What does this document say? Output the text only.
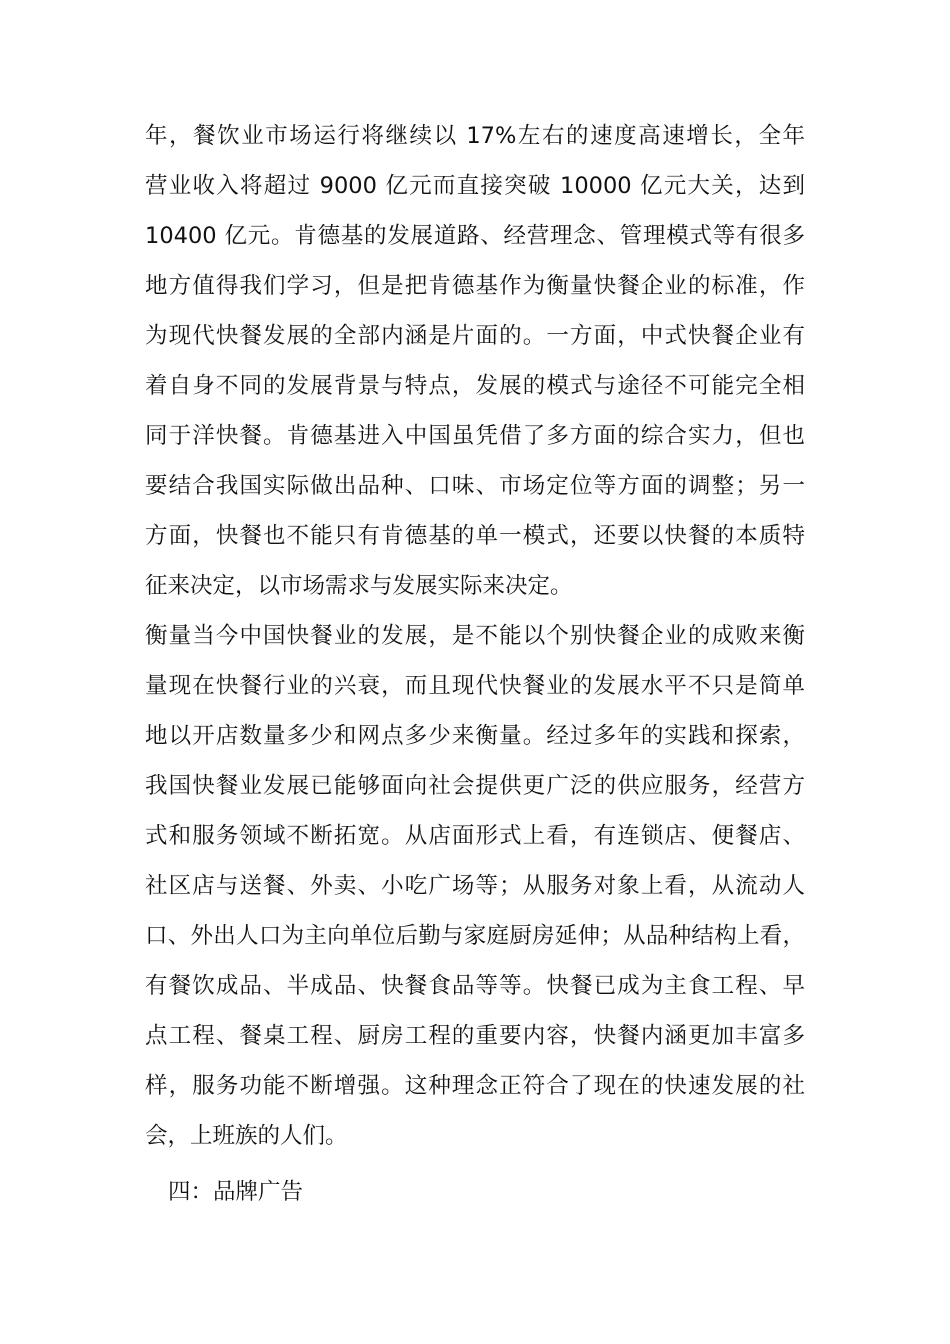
年，餐饮业市场运行将继续以 17%左右的速度高速增长，全年
营业收入将超过 9000 亿元而直接突破 10000 亿元大关，达到
10400 亿元。肯德基的发展道路、经营理念、管理模式等有很多
地方值得我们学习，但是把肯德基作为衡量快餐企业的标准，作
为现代快餐发展的全部内涵是片面的。一方面，中式快餐企业有
着自身不同的发展背景与特点，发展的模式与途径不可能完全相
同于洋快餐。肯德基进入中国虽凭借了多方面的综合实力，但也
要结合我国实际做出品种、口味、市场定位等方面的调整；另一
方面，快餐也不能只有肯德基的单一模式，还要以快餐的本质特
征来决定，以市场需求与发展实际来决定。
衡量当今中国快餐业的发展，是不能以个别快餐企业的成败来衡
量现在快餐行业的兴衰，而且现代快餐业的发展水平不只是简单
地以开店数量多少和网点多少来衡量。经过多年的实践和探索，
我国快餐业发展已能够面向社会提供更广泛的供应服务，经营方
式和服务领域不断拓宽。从店面形式上看，有连锁店、便餐店、
社区店与送餐、外卖、小吃广场等；从服务对象上看，从流动人
口、外出人口为主向单位后勤与家庭厨房延伸；从品种结构上看，
有餐饮成品、半成品、快餐食品等等。快餐已成为主食工程、早
点工程、餐桌工程、厨房工程的重要内容，快餐内涵更加丰富多
样，服务功能不断增强。这种理念正符合了现在的快速发展的社
会，上班族的人们。
四：品牌广告
